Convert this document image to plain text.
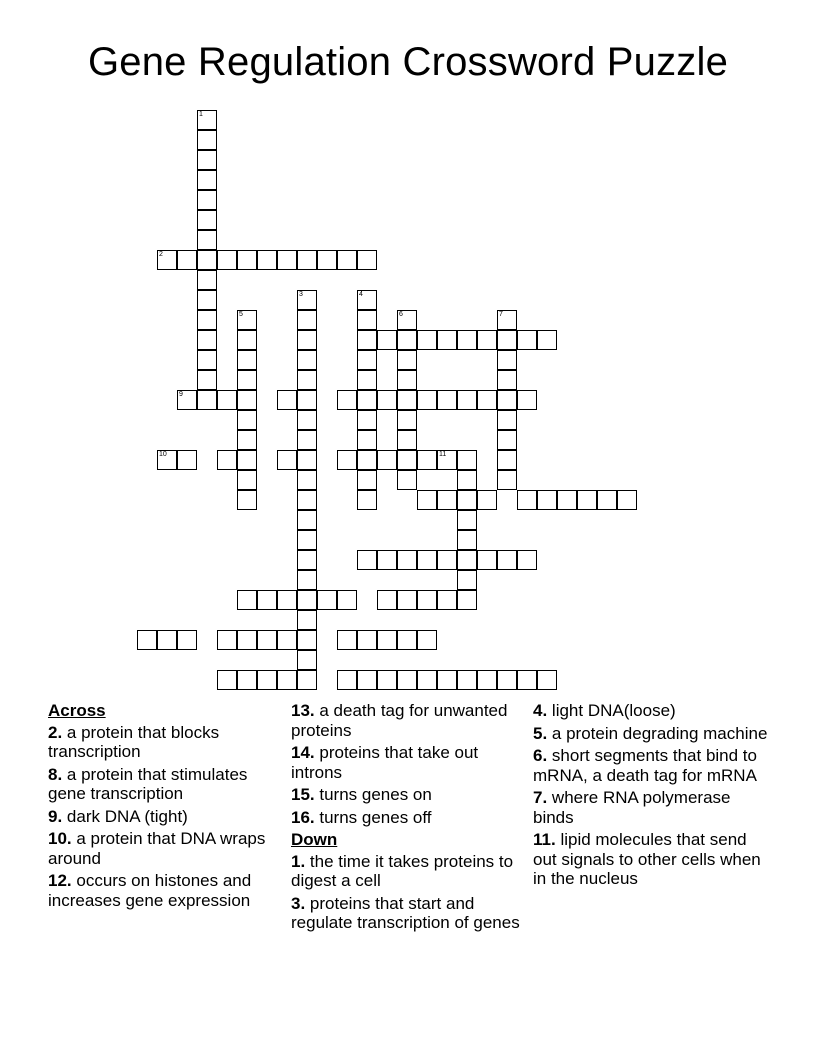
Gene Regulation Crossword Puzzle
1
2
3	4
5	6	7
9
10	11
Across
2. a protein that blocks transcription
8. a protein that stimulates gene transcription
9. dark DNA (tight)
10. a protein that DNA wraps around
12. occurs on histones and increases gene expression
13. a death tag for unwanted proteins
14. proteins that take out introns
15. turns genes on
16. turns genes off
Down
1. the time it takes proteins to digest a cell
3. proteins that start and regulate transcription of genes
4. light DNA(loose)
5. a protein degrading machine
6. short segments that bind to mRNA, a death tag for mRNA
7. where RNA polymerase binds
11. lipid molecules that send out signals to other cells when in the nucleus
